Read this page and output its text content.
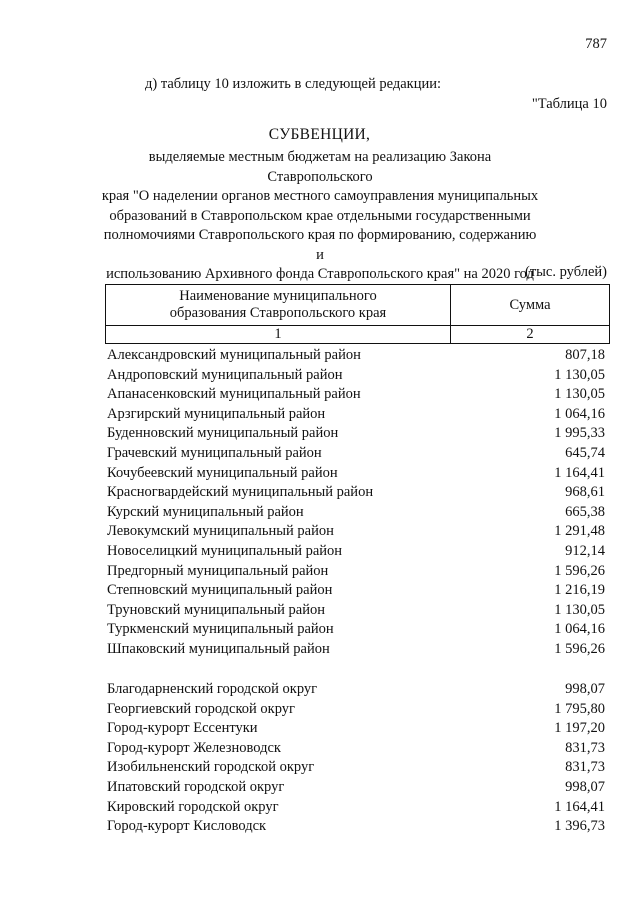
787
д) таблицу 10 изложить в следующей редакции:
"Таблица 10
СУБВЕНЦИИ,
выделяемые местным бюджетам на реализацию Закона Ставропольского
края "О наделении органов местного самоуправления муниципальных
образований в Ставропольском крае отдельными государственными
полномочиями Ставропольского края по формированию, содержанию и
использованию Архивного фонда Ставропольского края" на 2020 год
(тыс. рублей)
Наименование муниципального
образования Ставропольского края	Сумма
1	2
Александровский муниципальный район	807,18
Андроповский муниципальный район	1 130,05
Апанасенковский муниципальный район	1 130,05
Арзгирский муниципальный район	1 064,16
Буденновский муниципальный район	1 995,33
Грачевский муниципальный район	645,74
Кочубеевский муниципальный район	1 164,41
Красногвардейский муниципальный район	968,61
Курский муниципальный район	665,38
Левокумский муниципальный район	1 291,48
Новоселицкий муниципальный район	912,14
Предгорный муниципальный район	1 596,26
Степновский муниципальный район	1 216,19
Труновский муниципальный район	1 130,05
Туркменский муниципальный район	1 064,16
Шпаковский муниципальный район	1 596,26
Благодарненский городской округ	998,07
Георгиевский городской округ	1 795,80
Город-курорт Ессентуки	1 197,20
Город-курорт Железноводск	831,73
Изобильненский городской округ	831,73
Ипатовский городской округ	998,07
Кировский городской округ	1 164,41
Город-курорт Кисловодск	1 396,73
